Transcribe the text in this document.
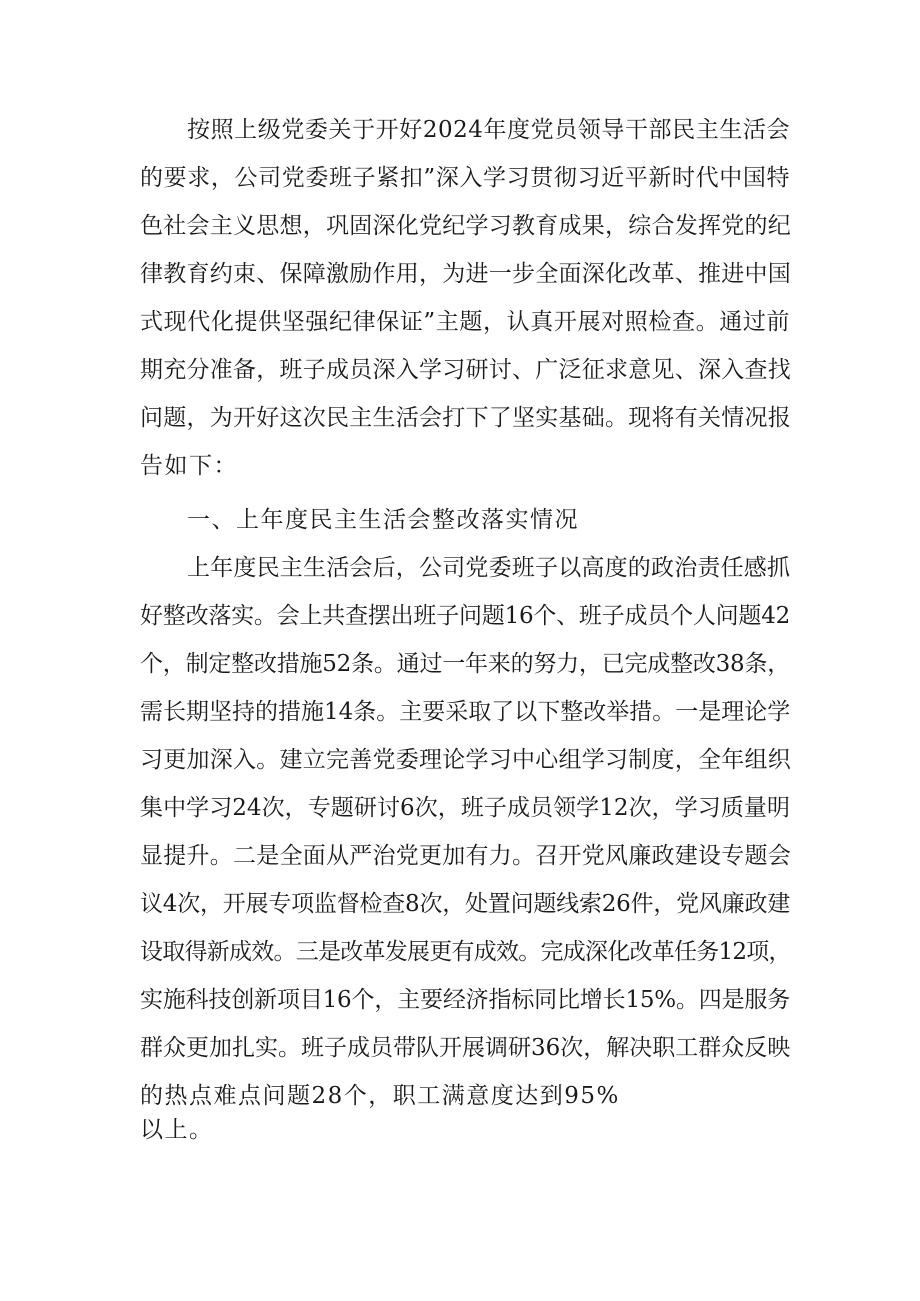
按照上级党委关于开好2024年度党员领导干部民主生活会
的要求，公司党委班子紧扣”深入学习贯彻习近平新时代中国特
色社会主义思想，巩固深化党纪学习教育成果，综合发挥党的纪
律教育约束、保障激励作用，为进一步全面深化改革、推进中国
式现代化提供坚强纪律保证”主题，认真开展对照检查。通过前
期充分准备，班子成员深入学习研讨、广泛征求意见、深入查找
问题，为开好这次民主生活会打下了坚实基础。现将有关情况报
告如下：
一、上年度民主生活会整改落实情况
上年度民主生活会后，公司党委班子以高度的政治责任感抓
好整改落实。会上共查摆出班子问题16个、班子成员个人问题42
个，制定整改措施52条。通过一年来的努力，已完成整改38条，
需长期坚持的措施14条。主要采取了以下整改举措。一是理论学
习更加深入。建立完善党委理论学习中心组学习制度，全年组织
集中学习24次，专题研讨6次，班子成员领学12次，学习质量明
显提升。二是全面从严治党更加有力。召开党风廉政建设专题会
议4次，开展专项监督检查8次，处置问题线索26件，党风廉政建
设取得新成效。三是改革发展更有成效。完成深化改革任务12项，
实施科技创新项目16个，主要经济指标同比增长15%。四是服务
群众更加扎实。班子成员带队开展调研36次，解决职工群众反映
的热点难点问题28个，职工满意度达到95%
以上。
